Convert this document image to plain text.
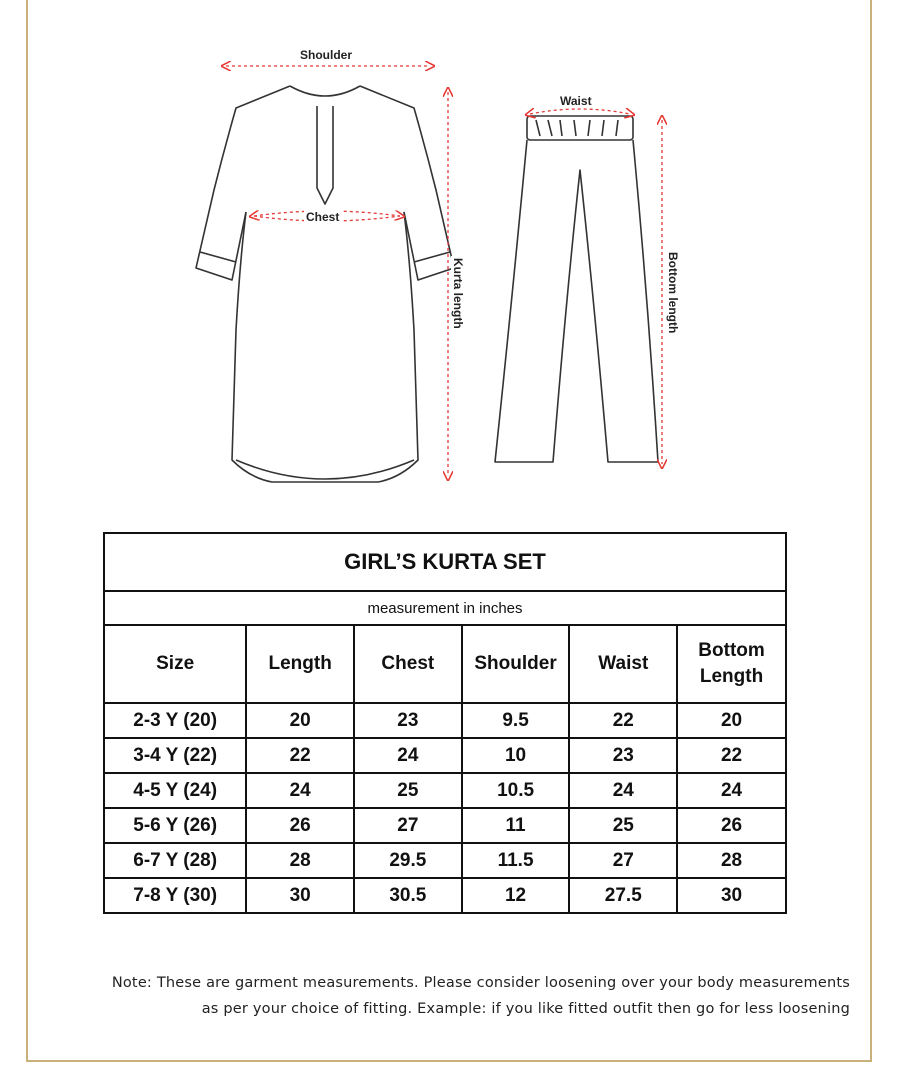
Shoulder
Chest
Kurta length
Waist
Bottom length
GIRL’S KURTA SET					
measurement in inches					
Size	Length	Chest	Shoulder	Waist	Bottom Length
2-3 Y (20)	20	23	9.5	22	20
3-4 Y (22)	22	24	10	23	22
4-5 Y (24)	24	25	10.5	24	24
5-6 Y (26)	26	27	11	25	26
6-7 Y (28)	28	29.5	11.5	27	28
7-8 Y (30)	30	30.5	12	27.5	30
Note: These are garment measurements. Please consider loosening over your body measurements
as per your choice of fitting. Example: if you like fitted outfit then go for less loosening
